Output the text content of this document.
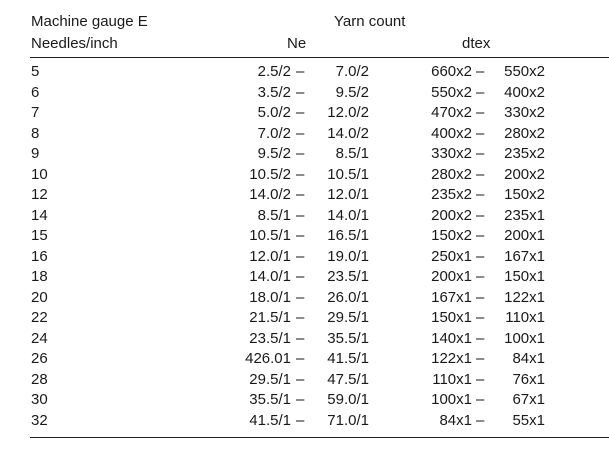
Machine gauge E
Needles/inch
Yarn count
Ne	dtex
5	2.5/2 – 7.0/2	660x2 – 550x2
6	3.5/2 – 9.5/2	550x2 – 400x2
7	5.0/2 – 12.0/2	470x2 – 330x2
8	7.0/2 – 14.0/2	400x2 – 280x2
9	9.5/2 – 8.5/1	330x2 – 235x2
10	10.5/2 – 10.5/1	280x2 – 200x2
12	14.0/2 – 12.0/1	235x2 – 150x2
14	8.5/1 – 14.0/1	200x2 – 235x1
15	10.5/1 – 16.5/1	150x2 – 200x1
16	12.0/1 – 19.0/1	250x1 – 167x1
18	14.0/1 – 23.5/1	200x1 – 150x1
20	18.0/1 – 26.0/1	167x1 – 122x1
22	21.5/1 – 29.5/1	150x1 – 110x1
24	23.5/1 – 35.5/1	140x1 – 100x1
26	426.01 – 41.5/1	122x1 – 84x1
28	29.5/1 – 47.5/1	110x1 – 76x1
30	35.5/1 – 59.0/1	100x1 – 67x1
32	41.5/1 – 71.0/1	84x1 – 55x1
